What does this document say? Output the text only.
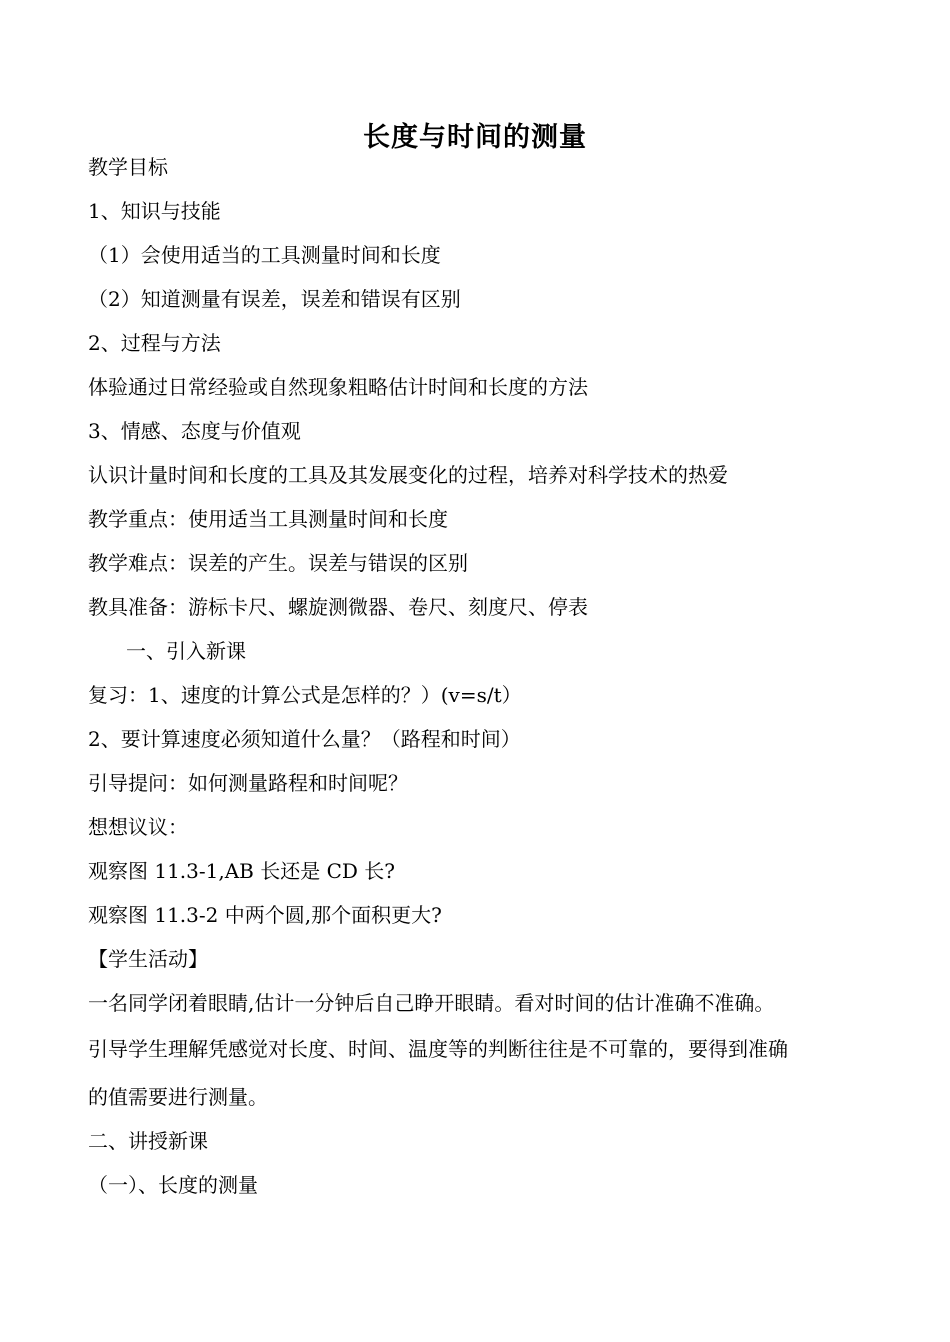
长度与时间的测量
教学目标
1、知识与技能
（1）会使用适当的工具测量时间和长度
（2）知道测量有误差，误差和错误有区别
2、过程与方法
体验通过日常经验或自然现象粗略估计时间和长度的方法
3、情感、态度与价值观
认识计量时间和长度的工具及其发展变化的过程，培养对科学技术的热爱
教学重点：使用适当工具测量时间和长度
教学难点：误差的产生。误差与错误的区别
教具准备：游标卡尺、螺旋测微器、卷尺、刻度尺、停表
一、引入新课
复习：1、速度的计算公式是怎样的？）(v=s/t）
2、要计算速度必须知道什么量？（路程和时间）
引导提问：如何测量路程和时间呢？
想想议议：
观察图 11.3-1,AB 长还是 CD 长?
观察图 11.3-2 中两个圆,那个面积更大?
【学生活动】
一名同学闭着眼睛,估计一分钟后自己睁开眼睛。看对时间的估计准确不准确。
引导学生理解凭感觉对长度、时间、温度等的判断往往是不可靠的，要得到准确
的值需要进行测量。
二、讲授新课
（一）、长度的测量
